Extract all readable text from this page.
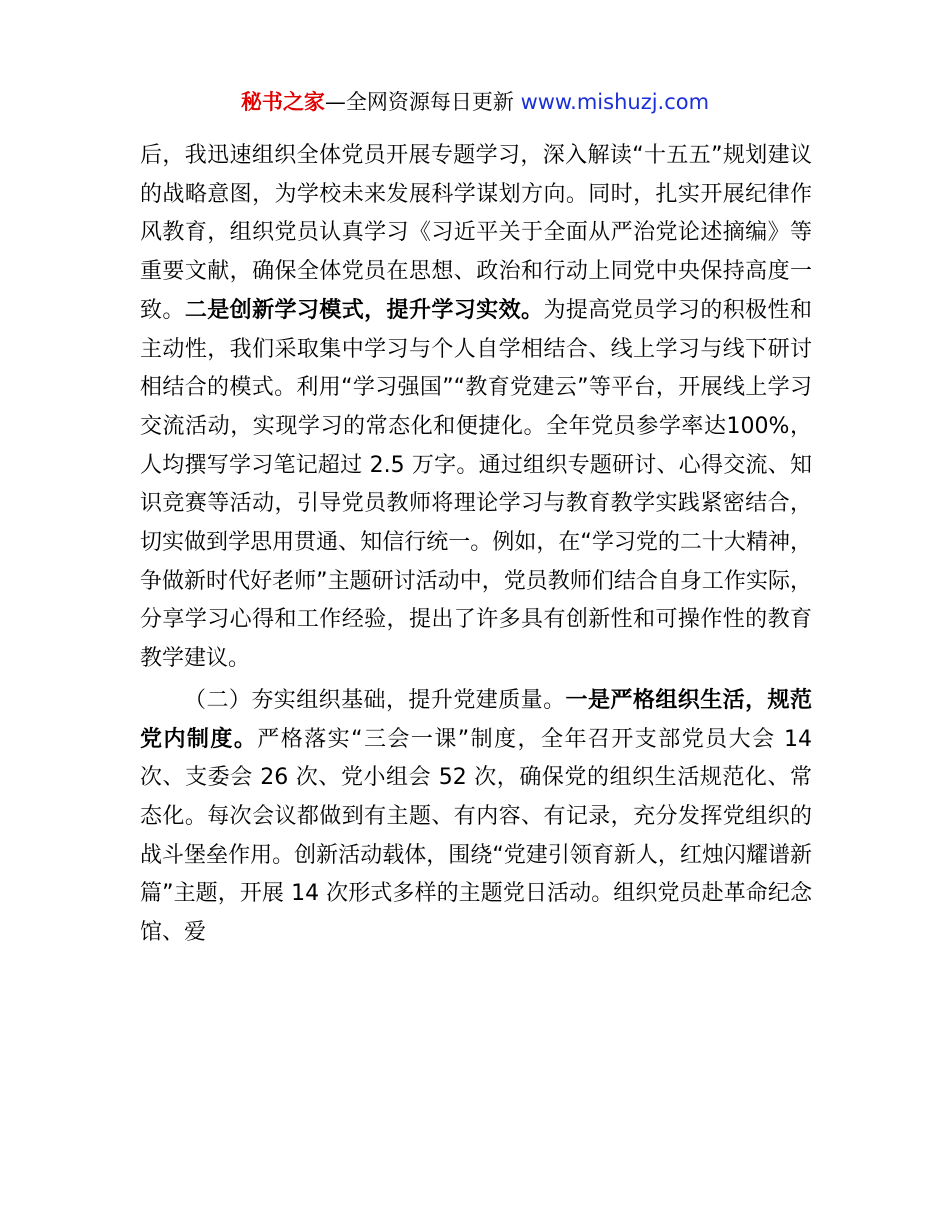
秘书之家—全网资源每日更新 www.mishuzj.com

后，我迅速组织全体党员开展专题学习，深入解读“十五五”规划建议的战略意图，为学校未来发展科学谋划方向。同时，扎实开展纪律作风教育，组织党员认真学习《习近平关于全面从严治党论述摘编》等重要文献，确保全体党员在思想、政治和行动上同党中央保持高度一致。二是创新学习模式，提升学习实效。为提高党员学习的积极性和主动性，我们采取集中学习与个人自学相结合、线上学习与线下研讨相结合的模式。利用“学习强国”“教育党建云”等平台，开展线上学习交流活动，实现学习的常态化和便捷化。全年党员参学率达100%，人均撰写学习笔记超过 2.5 万字。通过组织专题研讨、心得交流、知识竞赛等活动，引导党员教师将理论学习与教育教学实践紧密结合，切实做到学思用贯通、知信行统一。例如，在“学习党的二十大精神，争做新时代好老师”主题研讨活动中，党员教师们结合自身工作实际，分享学习心得和工作经验，提出了许多具有创新性和可操作性的教育教学建议。

（二）夯实组织基础，提升党建质量。一是严格组织生活，规范党内制度。严格落实“三会一课”制度，全年召开支部党员大会 14 次、支委会 26 次、党小组会 52 次，确保党的组织生活规范化、常态化。每次会议都做到有主题、有内容、有记录，充分发挥党组织的战斗堡垒作用。创新活动载体，围绕“党建引领育新人，红烛闪耀谱新篇”主题，开展 14 次形式多样的主题党日活动。组织党员赴革命纪念馆、爱
